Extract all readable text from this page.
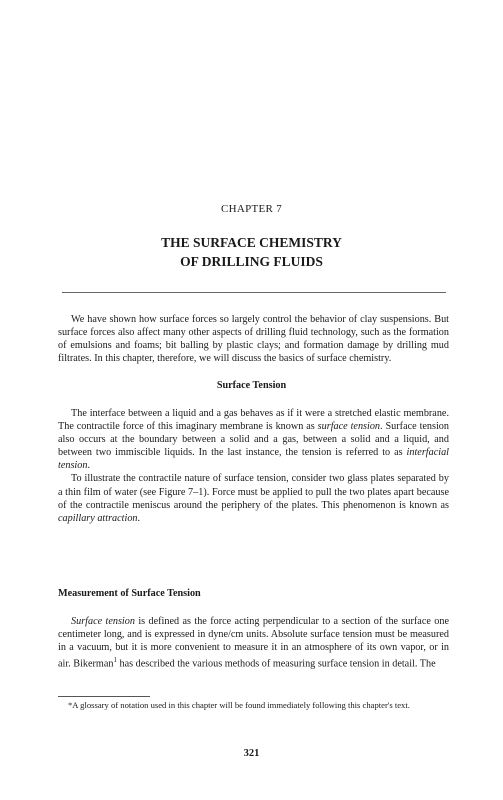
CHAPTER 7
THE SURFACE CHEMISTRY
OF DRILLING FLUIDS

We have shown how surface forces so largely control the behavior of clay suspensions. But surface forces also affect many other aspects of drilling fluid technology, such as the formation of emulsions and foams; bit balling by plastic clays; and formation damage by drilling mud filtrates. In this chapter, therefore, we will discuss the basics of surface chemistry.

Surface Tension

The interface between a liquid and a gas behaves as if it were a stretched elastic membrane. The contractile force of this imaginary membrane is known as surface tension. Surface tension also occurs at the boundary between a solid and a gas, between a solid and a liquid, and between two immiscible liquids. In the last instance, the tension is referred to as interfacial tension.

To illustrate the contractile nature of surface tension, consider two glass plates separated by a thin film of water (see Figure 7–1). Force must be applied to pull the two plates apart because of the contractile meniscus around the periphery of the plates. This phenomenon is known as capillary attraction.

Measurement of Surface Tension

Surface tension is defined as the force acting perpendicular to a section of the surface one centimeter long, and is expressed in dyne/cm units. Absolute surface tension must be measured in a vacuum, but it is more convenient to measure it in an atmosphere of its own vapor, or in air. Bikerman$^1$ has described the various methods of measuring surface tension in detail. The

*A glossary of notation used in this chapter will be found immediately following this chapter's text.
321
